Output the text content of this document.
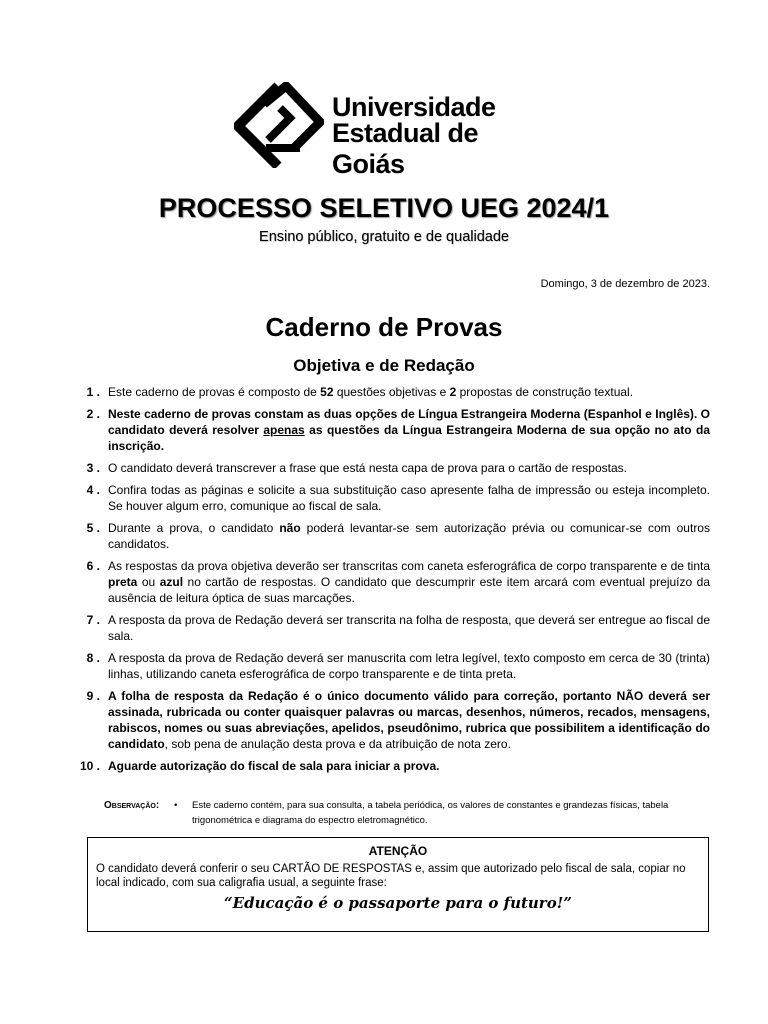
Universidade
Estadual de Goiás
PROCESSO SELETIVO UEG 2024/1
Ensino público, gratuito e de qualidade
Domingo, 3 de dezembro de 2023.
Caderno de Provas
Objetiva e de Redação
1 . Este caderno de provas é composto de 52 questões objetivas e 2 propostas de construção textual.
2 . Neste caderno de provas constam as duas opções de Língua Estrangeira Moderna (Espanhol e Inglês). O candidato deverá resolver apenas as questões da Língua Estrangeira Moderna de sua opção no ato da inscrição.
3 . O candidato deverá transcrever a frase que está nesta capa de prova para o cartão de respostas.
4 . Confira todas as páginas e solicite a sua substituição caso apresente falha de impressão ou esteja incompleto. Se houver algum erro, comunique ao fiscal de sala.
5 . Durante a prova, o candidato não poderá levantar-se sem autorização prévia ou comunicar-se com outros candidatos.
6 . As respostas da prova objetiva deverão ser transcritas com caneta esferográfica de corpo transparente e de tinta preta ou azul no cartão de respostas. O candidato que descumprir este item arcará com eventual prejuízo da ausência de leitura óptica de suas marcações.
7 . A resposta da prova de Redação deverá ser transcrita na folha de resposta, que deverá ser entregue ao fiscal de sala.
8 . A resposta da prova de Redação deverá ser manuscrita com letra legível, texto composto em cerca de 30 (trinta) linhas, utilizando caneta esferográfica de corpo transparente e de tinta preta.
9 . A folha de resposta da Redação é o único documento válido para correção, portanto NÃO deverá ser assinada, rubricada ou conter quaisquer palavras ou marcas, desenhos, números, recados, mensagens, rabiscos, nomes ou suas abreviações, apelidos, pseudônimo, rubrica que possibilitem a identificação do candidato, sob pena de anulação desta prova e da atribuição de nota zero.
10 . Aguarde autorização do fiscal de sala para iniciar a prova.
Observação: • Este caderno contém, para sua consulta, a tabela periódica, os valores de constantes e grandezas físicas, tabela trigonométrica e diagrama do espectro eletromagnético.
ATENÇÃO
O candidato deverá conferir o seu CARTÃO DE RESPOSTAS e, assim que autorizado pelo fiscal de sala, copiar no local indicado, com sua caligrafia usual, a seguinte frase:
“Educação é o passaporte para o futuro!”
